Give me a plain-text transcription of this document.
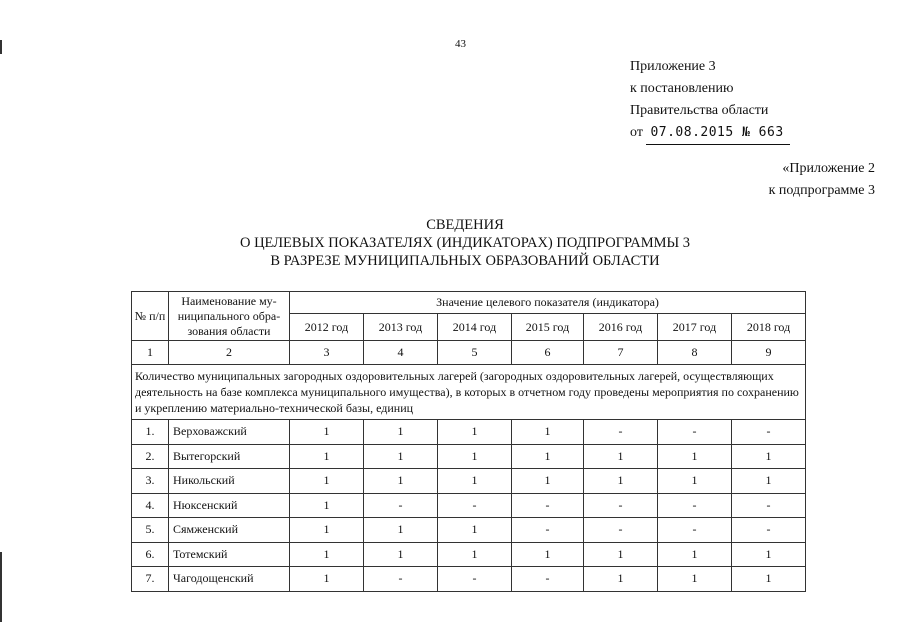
43
Приложение 3
к постановлению
Правительства области
от 07.08.2015 № 663
«Приложение 2
к подпрограмме 3
СВЕДЕНИЯ
О ЦЕЛЕВЫХ ПОКАЗАТЕЛЯХ (ИНДИКАТОРАХ) ПОДПРОГРАММЫ 3
В РАЗРЕЗЕ МУНИЦИПАЛЬНЫХ ОБРАЗОВАНИЙ ОБЛАСТИ
№ п/п	Наименование му-ниципального обра-зования области	Значение целевого показателя (индикатора)						
		2012 год	2013 год	2014 год	2015 год	2016 год	2017 год	2018 год
1	2	3	4	5	6	7	8	9
Количество муниципальных загородных оздоровительных лагерей (загородных оздоровительных лагерей, осуществляющих деятельность на базе комплекса муниципального имущества), в которых в отчетном году проведены мероприятия по сохранению и укреплению материально-технической базы, единиц								
1.	Верховажский	1	1	1	1	-	-	-
2.	Вытегорский	1	1	1	1	1	1	1
3.	Никольский	1	1	1	1	1	1	1
4.	Нюксенский	1	-	-	-	-	-	-
5.	Сямженский	1	1	1	-	-	-	-
6.	Тотемский	1	1	1	1	1	1	1
7.	Чагодощенский	1	-	-	-	1	1	1
